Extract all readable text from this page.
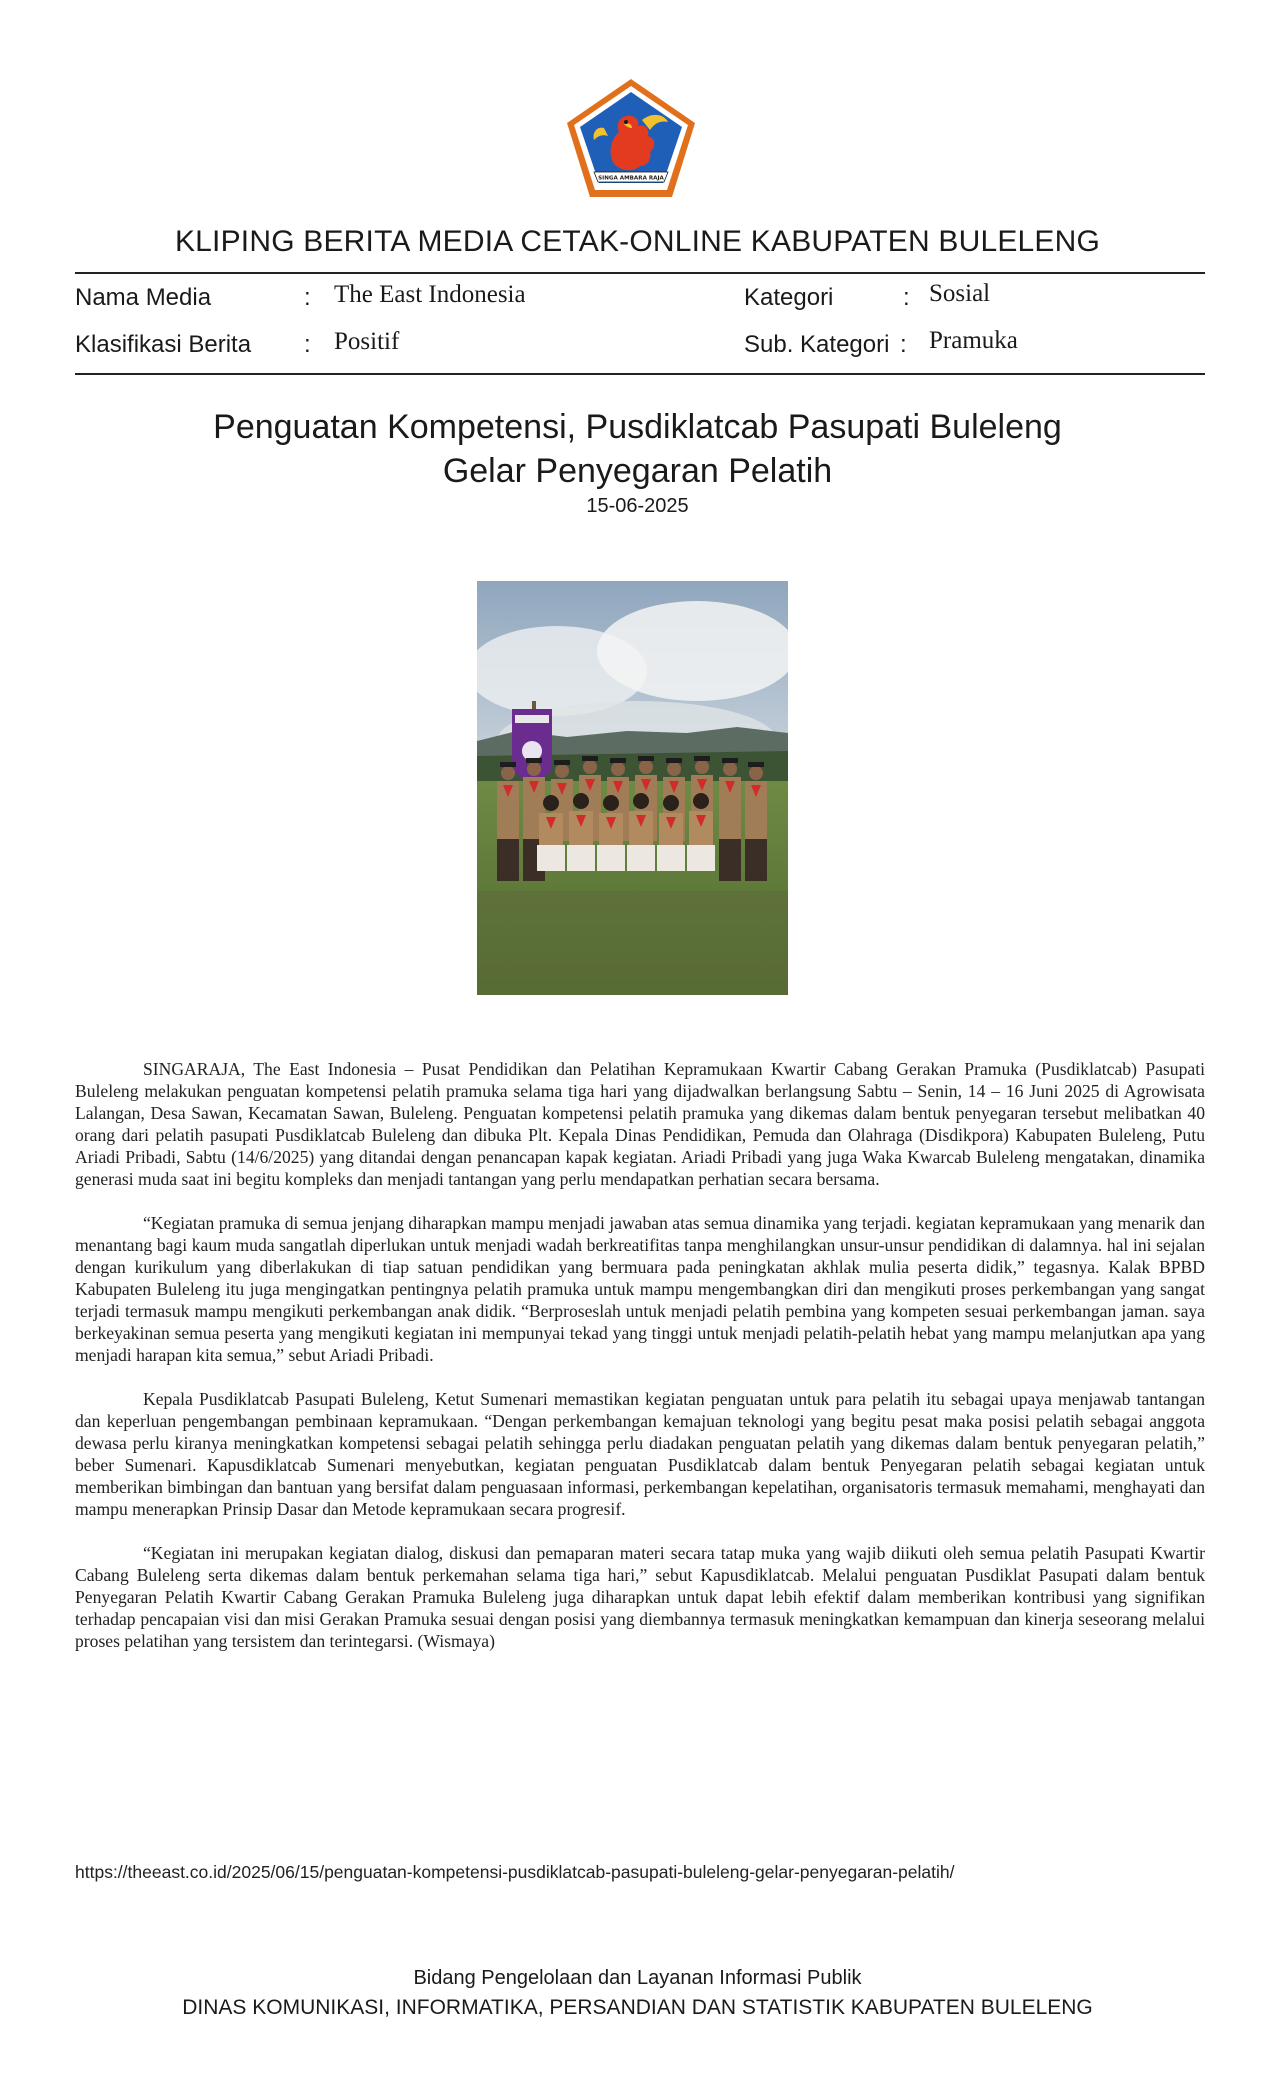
SINGA AMBARA RAJA
KLIPING BERITA MEDIA CETAK-ONLINE KABUPATEN BULELENG
Nama Media	: The East Indonesia
Klasifikasi Berita : Positif
Kategori	: Sosial
Sub. Kategori : Pramuka
Penguatan Kompetensi, Pusdiklatcab Pasupati Buleleng
Gelar Penyegaran Pelatih
15-06-2025

SINGARAJA, The East Indonesia – Pusat Pendidikan dan Pelatihan Kepramukaan Kwartir Cabang Gerakan Pramuka (Pusdiklatcab) Pasupati Buleleng melakukan penguatan kompetensi pelatih pramuka selama tiga hari yang dijadwalkan berlangsung Sabtu – Senin, 14 – 16 Juni 2025 di Agrowisata Lalangan, Desa Sawan, Kecamatan Sawan, Buleleng. Penguatan kompetensi pelatih pramuka yang dikemas dalam bentuk penyegaran tersebut melibatkan 40 orang dari pelatih pasupati Pusdiklatcab Buleleng dan dibuka Plt. Kepala Dinas Pendidikan, Pemuda dan Olahraga (Disdikpora) Kabupaten Buleleng, Putu Ariadi Pribadi, Sabtu (14/6/2025) yang ditandai dengan penancapan kapak kegiatan. Ariadi Pribadi yang juga Waka Kwarcab Buleleng mengatakan, dinamika generasi muda saat ini begitu kompleks dan menjadi tantangan yang perlu mendapatkan perhatian secara bersama.

“Kegiatan pramuka di semua jenjang diharapkan mampu menjadi jawaban atas semua dinamika yang terjadi. kegiatan kepramukaan yang menarik dan menantang bagi kaum muda sangatlah diperlukan untuk menjadi wadah berkreatifitas tanpa menghilangkan unsur-unsur pendidikan di dalamnya. hal ini sejalan dengan kurikulum yang diberlakukan di tiap satuan pendidikan yang bermuara pada peningkatan akhlak mulia peserta didik,” tegasnya. Kalak BPBD Kabupaten Buleleng itu juga mengingatkan pentingnya pelatih pramuka untuk mampu mengembangkan diri dan mengikuti proses perkembangan yang sangat terjadi termasuk mampu mengikuti perkembangan anak didik. “Berproseslah untuk menjadi pelatih pembina yang kompeten sesuai perkembangan jaman. saya berkeyakinan semua peserta yang mengikuti kegiatan ini mempunyai tekad yang tinggi untuk menjadi pelatih-pelatih hebat yang mampu melanjutkan apa yang menjadi harapan kita semua,” sebut Ariadi Pribadi.

Kepala Pusdiklatcab Pasupati Buleleng, Ketut Sumenari memastikan kegiatan penguatan untuk para pelatih itu sebagai upaya menjawab tantangan dan keperluan pengembangan pembinaan kepramukaan. “Dengan perkembangan kemajuan teknologi yang begitu pesat maka posisi pelatih sebagai anggota dewasa perlu kiranya meningkatkan kompetensi sebagai pelatih sehingga perlu diadakan penguatan pelatih yang dikemas dalam bentuk penyegaran pelatih,” beber Sumenari. Kapusdiklatcab Sumenari menyebutkan, kegiatan penguatan Pusdiklatcab dalam bentuk Penyegaran pelatih sebagai kegiatan untuk memberikan bimbingan dan bantuan yang bersifat dalam penguasaan informasi, perkembangan kepelatihan, organisatoris termasuk memahami, menghayati dan mampu menerapkan Prinsip Dasar dan Metode kepramukaan secara progresif.

“Kegiatan ini merupakan kegiatan dialog, diskusi dan pemaparan materi secara tatap muka yang wajib diikuti oleh semua pelatih Pasupati Kwartir Cabang Buleleng serta dikemas dalam bentuk perkemahan selama tiga hari,” sebut Kapusdiklatcab. Melalui penguatan Pusdiklat Pasupati dalam bentuk Penyegaran Pelatih Kwartir Cabang Gerakan Pramuka Buleleng juga diharapkan untuk dapat lebih efektif dalam memberikan kontribusi yang signifikan terhadap pencapaian visi dan misi Gerakan Pramuka sesuai dengan posisi yang diembannya termasuk meningkatkan kemampuan dan kinerja seseorang melalui proses pelatihan yang tersistem dan terintegarsi. (Wismaya)

https://theeast.co.id/2025/06/15/penguatan-kompetensi-pusdiklatcab-pasupati-buleleng-gelar-penyegaran-pelatih/
Bidang Pengelolaan dan Layanan Informasi Publik
DINAS KOMUNIKASI, INFORMATIKA, PERSANDIAN DAN STATISTIK KABUPATEN BULELENG
